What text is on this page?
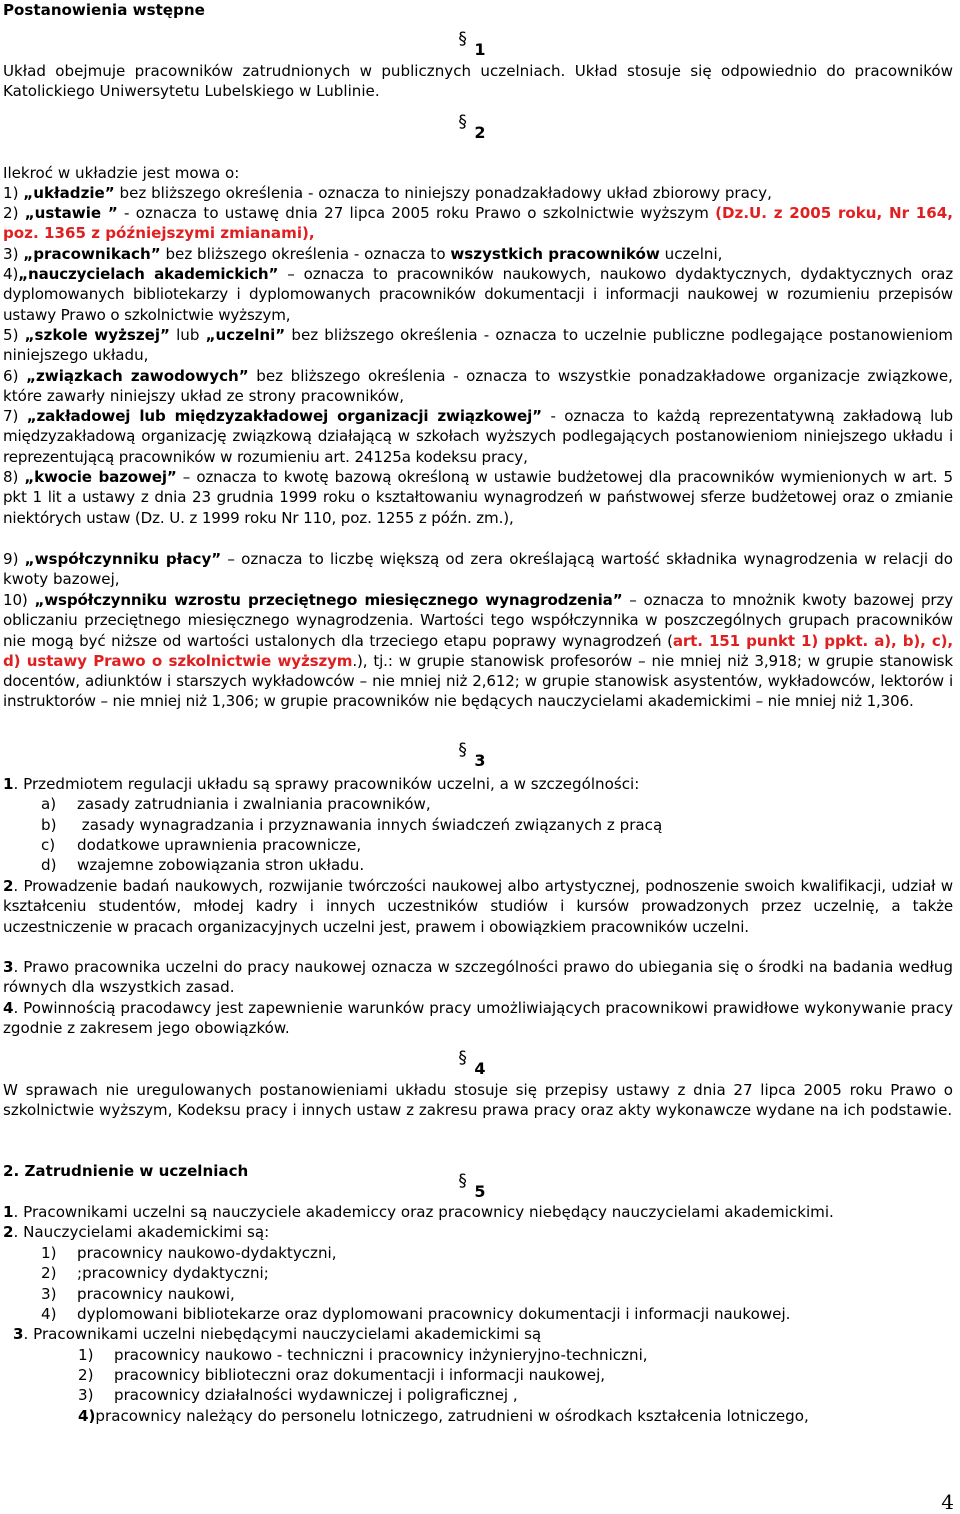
Postanowienia wstępne
§ 1
Układ obejmuje pracowników zatrudnionych w publicznych uczelniach. Układ stosuje się odpowiednio do pracowników Katolickiego Uniwersytetu Lubelskiego w Lublinie.
§ 2
Ilekroć w układzie jest mowa o:
1) „układzie” bez bliższego określenia - oznacza to niniejszy ponadzakładowy układ zbiorowy pracy,
2) „ustawie ” - oznacza to ustawę dnia 27 lipca 2005 roku Prawo o szkolnictwie wyższym (Dz.U. z 2005 roku, Nr 164, poz. 1365 z późniejszymi zmianami),
3) „pracownikach” bez bliższego określenia - oznacza to wszystkich pracowników uczelni,
4)„nauczycielach akademickich” – oznacza to pracowników naukowych, naukowo dydaktycznych, dydaktycznych oraz dyplomowanych bibliotekarzy i dyplomowanych pracowników dokumentacji i informacji naukowej w rozumieniu przepisów ustawy Prawo o szkolnictwie wyższym,
5) „szkole wyższej” lub „uczelni” bez bliższego określenia - oznacza to uczelnie publiczne podlegające postanowieniom niniejszego układu,
6) „związkach zawodowych” bez bliższego określenia - oznacza to wszystkie ponadzakładowe organizacje związkowe, które zawarły niniejszy układ ze strony pracowników,
7) „zakładowej lub międzyzakładowej organizacji związkowej” - oznacza to każdą reprezentatywną zakładową lub międzyzakładową organizację związkową działającą w szkołach wyższych podlegających postanowieniom niniejszego układu i reprezentującą pracowników w rozumieniu art. 24125a kodeksu pracy,
8) „kwocie bazowej” – oznacza to kwotę bazową określoną w ustawie budżetowej dla pracowników wymienionych w art. 5 pkt 1 lit a ustawy z dnia 23 grudnia 1999 roku o kształtowaniu wynagrodzeń w państwowej sferze budżetowej oraz o zmianie niektórych ustaw (Dz. U. z 1999 roku Nr 110, poz. 1255 z późn. zm.),
9) „współczynniku płacy” – oznacza to liczbę większą od zera określającą wartość składnika wynagrodzenia w relacji do kwoty bazowej,
10) „współczynniku wzrostu przeciętnego miesięcznego wynagrodzenia” – oznacza to mnożnik kwoty bazowej przy obliczaniu przeciętnego miesięcznego wynagrodzenia. Wartości tego współczynnika w poszczególnych grupach pracowników nie mogą być niższe od wartości ustalonych dla trzeciego etapu poprawy wynagrodzeń (art. 151 punkt 1) ppkt. a), b), c), d) ustawy Prawo o szkolnictwie wyższym.), tj.: w grupie stanowisk profesorów – nie mniej niż 3,918; w grupie stanowisk docentów, adiunktów i starszych wykładowców – nie mniej niż 2,612; w grupie stanowisk asystentów, wykładowców, lektorów i instruktorów – nie mniej niż 1,306; w grupie pracowników nie będących nauczycielami akademickimi – nie mniej niż 1,306.
§ 3
1. Przedmiotem regulacji układu są sprawy pracowników uczelni, a w szczególności:
a) zasady zatrudniania i zwalniania pracowników,
b) zasady wynagradzania i przyznawania innych świadczeń związanych z pracą
c) dodatkowe uprawnienia pracownicze,
d) wzajemne zobowiązania stron układu.
2. Prowadzenie badań naukowych, rozwijanie twórczości naukowej albo artystycznej, podnoszenie swoich kwalifikacji, udział w kształceniu studentów, młodej kadry i innych uczestników studiów i kursów prowadzonych przez uczelnię, a także uczestniczenie w pracach organizacyjnych uczelni jest, prawem i obowiązkiem pracowników uczelni.
3. Prawo pracownika uczelni do pracy naukowej oznacza w szczególności prawo do ubiegania się o środki na badania według równych dla wszystkich zasad.
4. Powinnością pracodawcy jest zapewnienie warunków pracy umożliwiających pracownikowi prawidłowe wykonywanie pracy zgodnie z zakresem jego obowiązków.
§ 4
W sprawach nie uregulowanych postanowieniami układu stosuje się przepisy ustawy z dnia 27 lipca 2005 roku Prawo o szkolnictwie wyższym, Kodeksu pracy i innych ustaw z zakresu prawa pracy oraz akty wykonawcze wydane na ich podstawie.
2. Zatrudnienie w uczelniach
§ 5
1. Pracownikami uczelni są nauczyciele akademiccy oraz pracownicy niebędący nauczycielami akademickimi.
2. Nauczycielami akademickimi są:
1) pracownicy naukowo-dydaktyczni,
2) ;pracownicy dydaktyczni;
3) pracownicy naukowi,
4) dyplomowani bibliotekarze oraz dyplomowani pracownicy dokumentacji i informacji naukowej.
3. Pracownikami uczelni niebędącymi nauczycielami akademickimi są
1) pracownicy naukowo - techniczni i pracownicy inżynieryjno-techniczni,
2) pracownicy biblioteczni oraz dokumentacji i informacji naukowej,
3) pracownicy działalności wydawniczej i poligraficznej ,
4)pracownicy należący do personelu lotniczego, zatrudnieni w ośrodkach kształcenia lotniczego,
4
